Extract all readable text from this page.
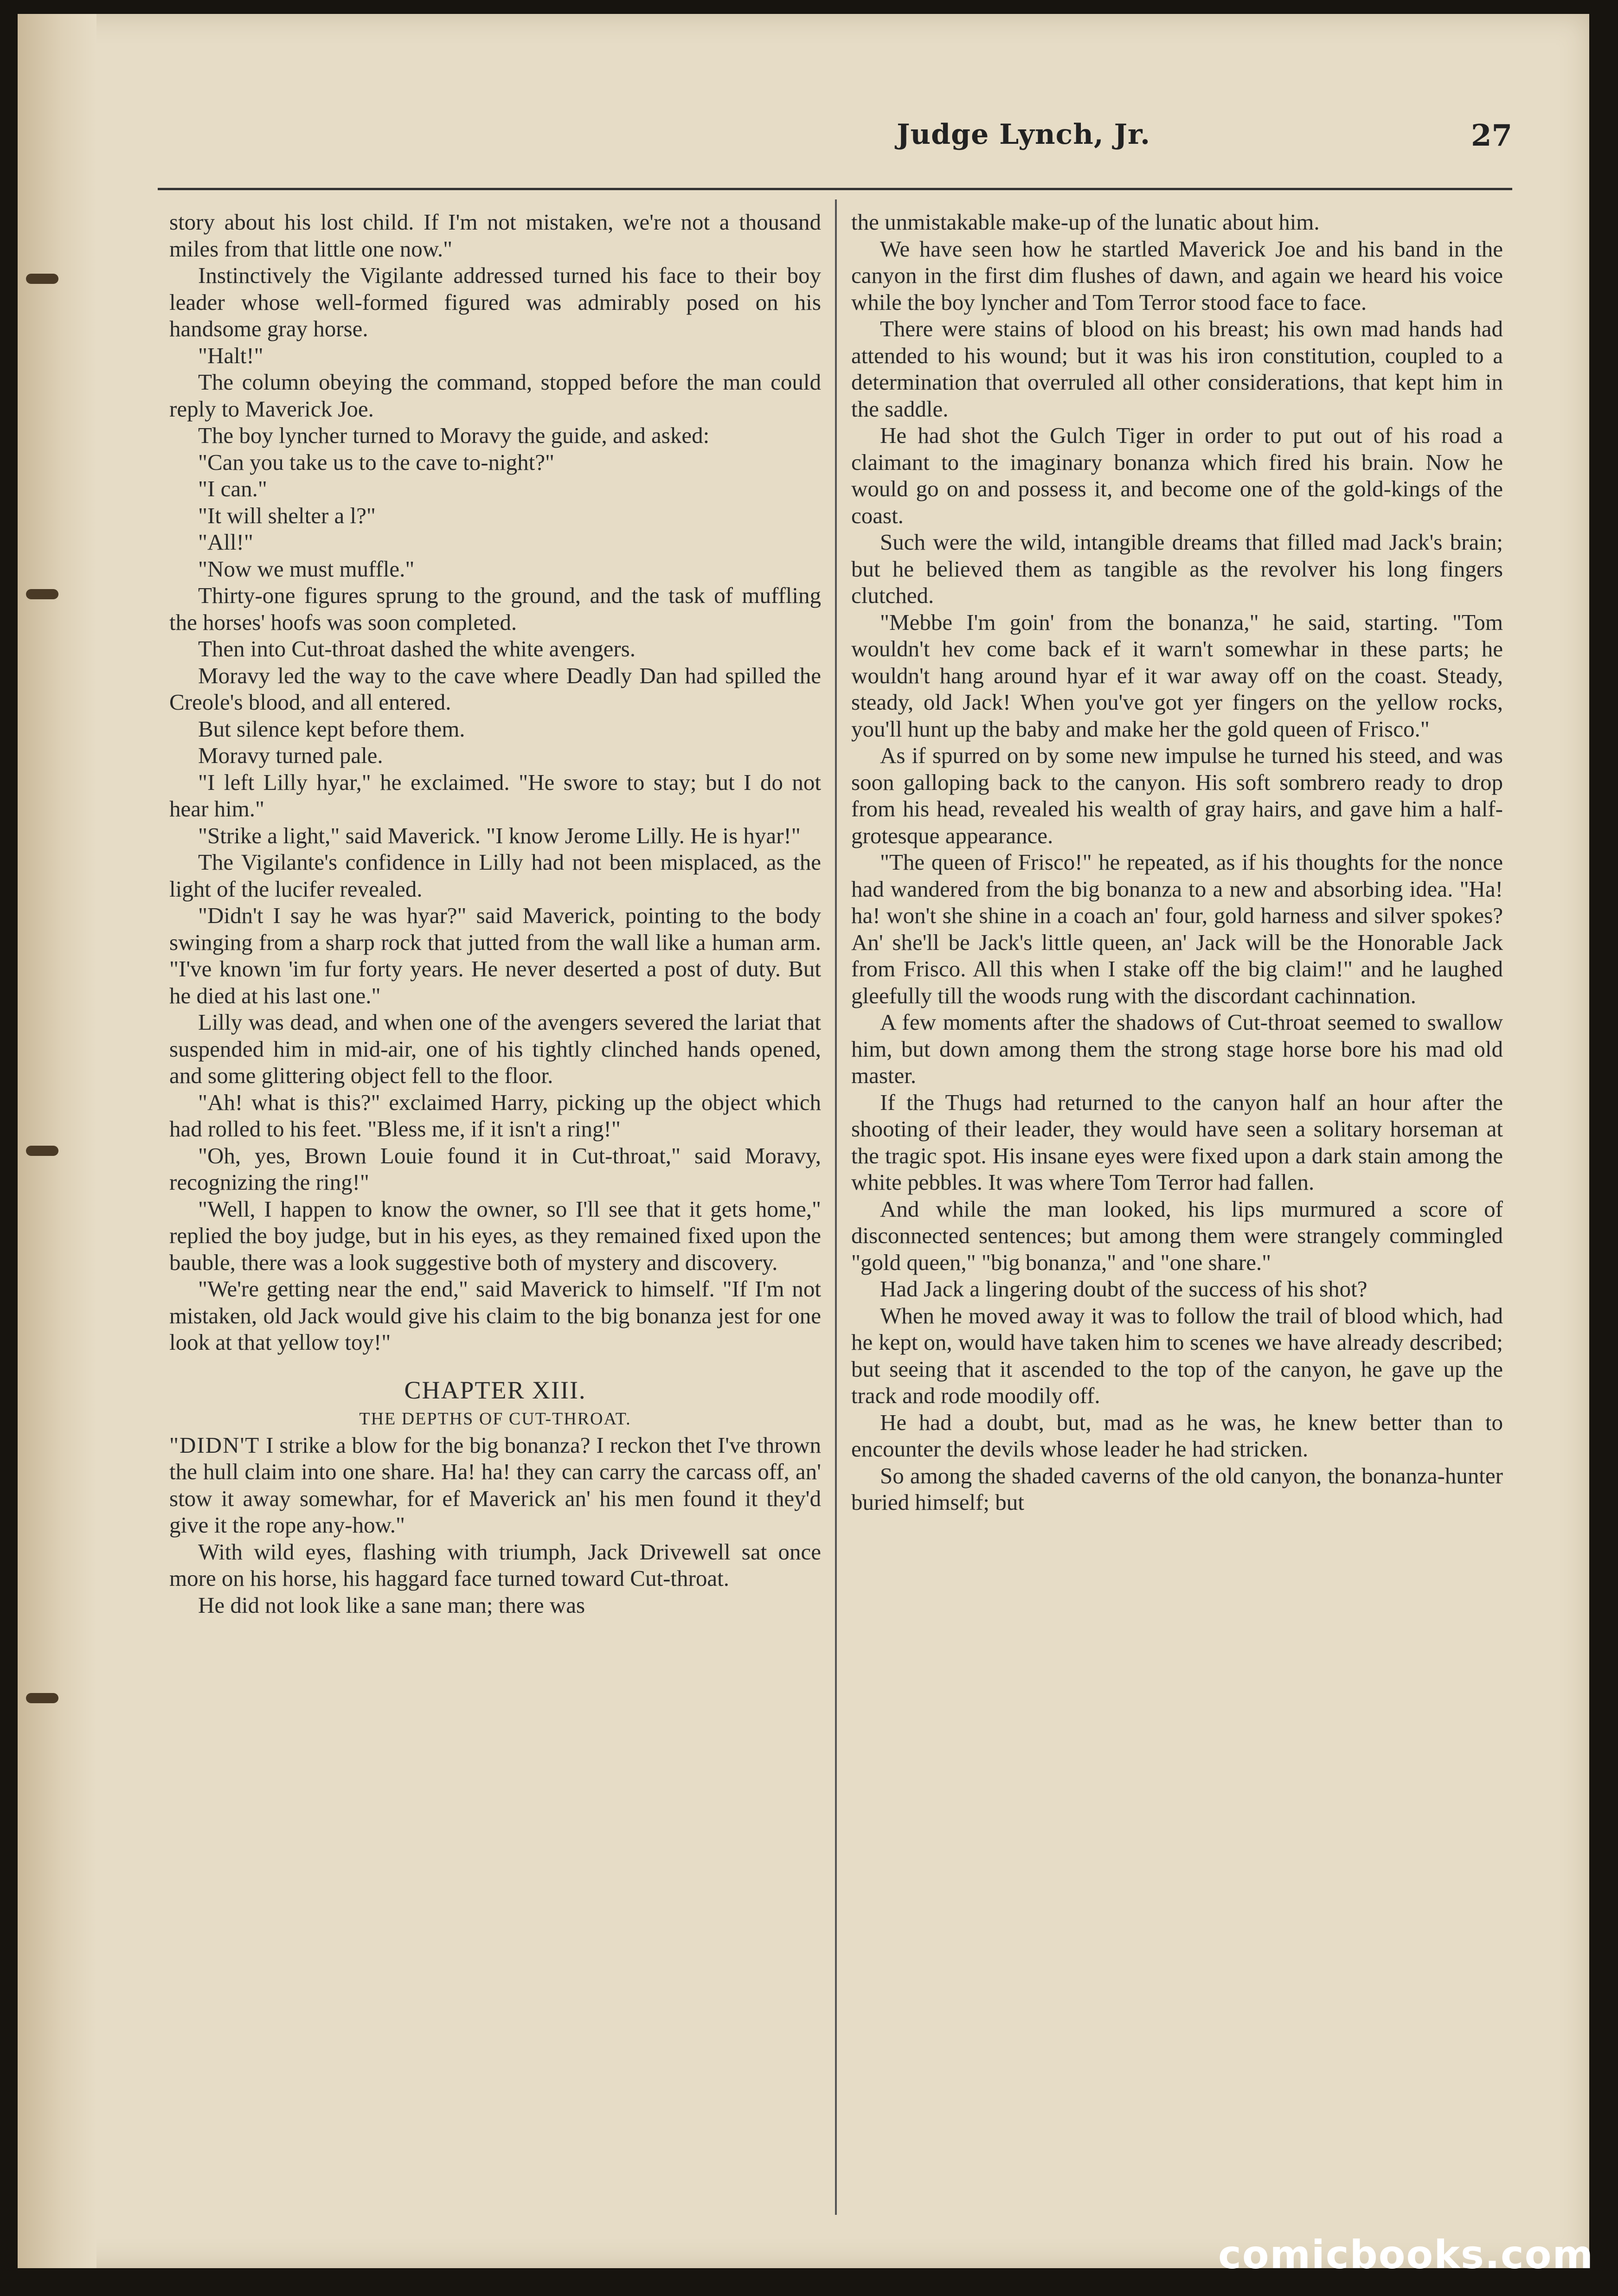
Judge Lynch, Jr.	27

story about his lost child. If I'm not mistaken, we're not a thousand miles from that little one now."

Instinctively the Vigilante addressed turned his face to their boy leader whose well-formed figured was admirably posed on his handsome gray horse.

"Halt!"

The column obeying the command, stopped before the man could reply to Maverick Joe.

The boy lyncher turned to Moravy the guide, and asked:

"Can you take us to the cave to-night?"

"I can."

"It will shelter a l?"

"All!"

"Now we must muffle."

Thirty-one figures sprung to the ground, and the task of muffling the horses' hoofs was soon completed.

Then into Cut-throat dashed the white avengers.

Moravy led the way to the cave where Deadly Dan had spilled the Creole's blood, and all entered.

But silence kept before them.

Moravy turned pale.

"I left Lilly hyar," he exclaimed. "He swore to stay; but I do not hear him."

"Strike a light," said Maverick. "I know Jerome Lilly. He is hyar!"

The Vigilante's confidence in Lilly had not been misplaced, as the light of the lucifer revealed.

"Didn't I say he was hyar?" said Maverick, pointing to the body swinging from a sharp rock that jutted from the wall like a human arm. "I've known 'im fur forty years. He never deserted a post of duty. But he died at his last one."

Lilly was dead, and when one of the avengers severed the lariat that suspended him in mid-air, one of his tightly clinched hands opened, and some glittering object fell to the floor.

"Ah! what is this?" exclaimed Harry, picking up the object which had rolled to his feet. "Bless me, if it isn't a ring!"

"Oh, yes, Brown Louie found it in Cut-throat," said Moravy, recognizing the ring!"

"Well, I happen to know the owner, so I'll see that it gets home," replied the boy judge, but in his eyes, as they remained fixed upon the bauble, there was a look suggestive both of mystery and discovery.

"We're getting near the end," said Maverick to himself. "If I'm not mistaken, old Jack would give his claim to the big bonanza jest for one look at that yellow toy!"

CHAPTER XIII.
THE DEPTHS OF CUT-THROAT.

"DIDN'T I strike a blow for the big bonanza? I reckon thet I've thrown the hull claim into one share. Ha! ha! they can carry the carcass off, an' stow it away somewhar, for ef Maverick an' his men found it they'd give it the rope any-how."

With wild eyes, flashing with triumph, Jack Drivewell sat once more on his horse, his haggard face turned toward Cut-throat.

He did not look like a sane man; there was

the unmistakable make-up of the lunatic about him.

We have seen how he startled Maverick Joe and his band in the canyon in the first dim flushes of dawn, and again we heard his voice while the boy lyncher and Tom Terror stood face to face.

There were stains of blood on his breast; his own mad hands had attended to his wound; but it was his iron constitution, coupled to a determination that overruled all other considerations, that kept him in the saddle.

He had shot the Gulch Tiger in order to put out of his road a claimant to the imaginary bonanza which fired his brain. Now he would go on and possess it, and become one of the gold-kings of the coast.

Such were the wild, intangible dreams that filled mad Jack's brain; but he believed them as tangible as the revolver his long fingers clutched.

"Mebbe I'm goin' from the bonanza," he said, starting. "Tom wouldn't hev come back ef it warn't somewhar in these parts; he wouldn't hang around hyar ef it war away off on the coast. Steady, steady, old Jack! When you've got yer fingers on the yellow rocks, you'll hunt up the baby and make her the gold queen of Frisco."

As if spurred on by some new impulse he turned his steed, and was soon galloping back to the canyon. His soft sombrero ready to drop from his head, revealed his wealth of gray hairs, and gave him a half-grotesque appearance.

"The queen of Frisco!" he repeated, as if his thoughts for the nonce had wandered from the big bonanza to a new and absorbing idea. "Ha! ha! won't she shine in a coach an' four, gold harness and silver spokes? An' she'll be Jack's little queen, an' Jack will be the Honorable Jack from Frisco. All this when I stake off the big claim!" and he laughed gleefully till the woods rung with the discordant cachinnation.

A few moments after the shadows of Cut-throat seemed to swallow him, but down among them the strong stage horse bore his mad old master.

If the Thugs had returned to the canyon half an hour after the shooting of their leader, they would have seen a solitary horseman at the tragic spot. His insane eyes were fixed upon a dark stain among the white pebbles. It was where Tom Terror had fallen.

And while the man looked, his lips murmured a score of disconnected sentences; but among them were strangely commingled "gold queen," "big bonanza," and "one share."

Had Jack a lingering doubt of the success of his shot?

When he moved away it was to follow the trail of blood which, had he kept on, would have taken him to scenes we have already described; but seeing that it ascended to the top of the canyon, he gave up the track and rode moodily off.

He had a doubt, but, mad as he was, he knew better than to encounter the devils whose leader he had stricken.

So among the shaded caverns of the old canyon, the bonanza-hunter buried himself; but

comicbooks.com
